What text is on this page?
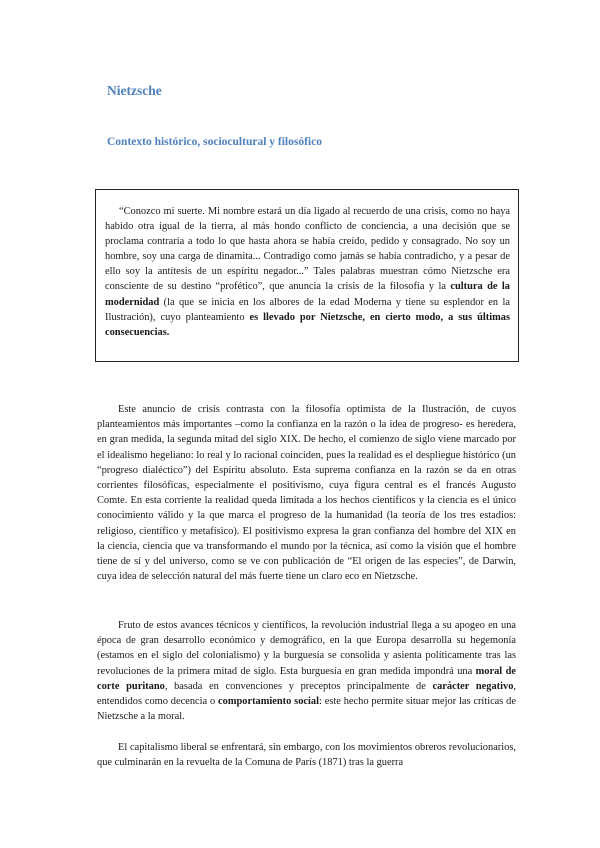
Nietzsche
Contexto histórico, sociocultural y filosófico

“Conozco mi suerte. Mi nombre estará un día ligado al recuerdo de una crisis, como no haya habido otra igual de la tierra, al más hondo conflicto de conciencia, a una decisión que se proclama contraria a todo lo que hasta ahora se había creído, pedido y consagrado. No soy un hombre, soy una carga de dinamita... Contradigo como jamás se había contradicho, y a pesar de ello soy la antítesis de un espíritu negador...” Tales palabras muestran cómo Nietzsche era consciente de su destino “profético”, que anuncia la crisis de la filosofía y la cultura de la modernidad (la que se inicia en los albores de la edad Moderna y tiene su esplendor en la Ilustración), cuyo planteamiento es llevado por Nietzsche, en cierto modo, a sus últimas consecuencias.

Este anuncio de crisis contrasta con la filosofía optimista de la Ilustración, de cuyos planteamientos más importantes –como la confianza en la razón o la idea de progreso- es heredera, en gran medida, la segunda mitad del siglo XIX. De hecho, el comienzo de siglo viene marcado por el idealismo hegeliano: lo real y lo racional coinciden, pues la realidad es el despliegue histórico (un “progreso dialéctico”) del Espíritu absoluto. Esta suprema confianza en la razón se da en otras corrientes filosóficas, especialmente el positivismo, cuya figura central es el francés Augusto Comte. En esta corriente la realidad queda limitada a los hechos científicos y la ciencia es el único conocimiento válido y la que marca el progreso de la humanidad (la teoría de los tres estadios: religioso, científico y metafísico). El positivismo expresa la gran confianza del hombre del XIX en la ciencia, ciencia que va transformando el mundo por la técnica, así como la visión que el hombre tiene de sí y del universo, como se ve con publicación de “El origen de las especies”, de Darwin, cuya idea de selección natural del más fuerte tiene un claro eco en Nietzsche.

Fruto de estos avances técnicos y científicos, la revolución industrial llega a su apogeo en una época de gran desarrollo económico y demográfico, en la que Europa desarrolla su hegemonía (estamos en el siglo del colonialismo) y la burguesía se consolida y asienta políticamente tras las revoluciones de la primera mitad de siglo. Esta burguesía en gran medida impondrá una moral de corte puritano, basada en convenciones y preceptos principalmente de carácter negativo, entendidos como decencia o comportamiento social: este hecho permite situar mejor las críticas de Nietzsche a la moral.

El capitalismo liberal se enfrentará, sin embargo, con los movimientos obreros revolucionarios, que culminarán en la revuelta de la Comuna de París (1871) tras la guerra
